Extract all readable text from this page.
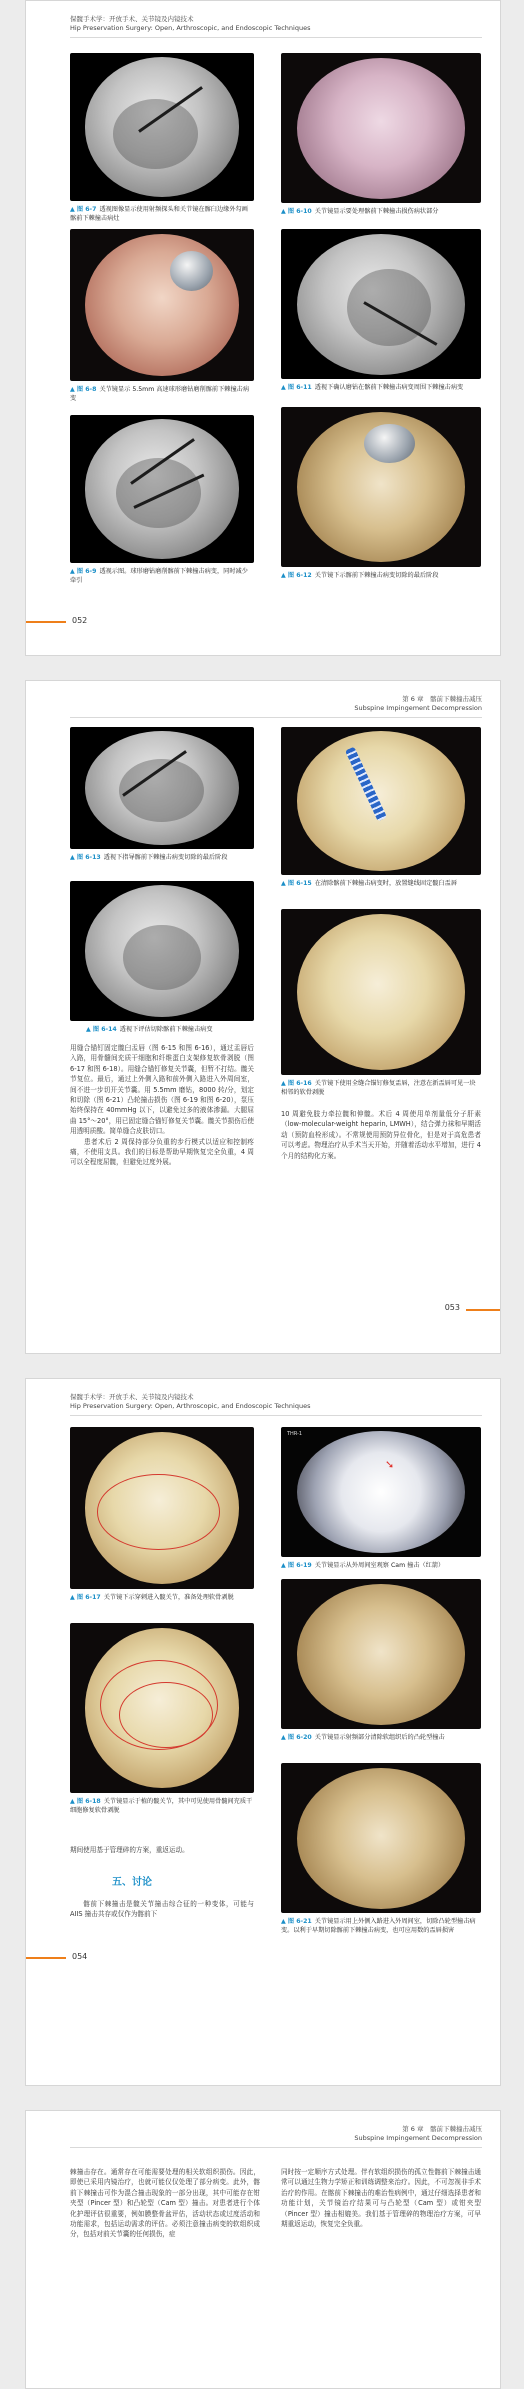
保髋手术学：开放手术、关节镜及内镜技术
Hip Preservation Surgery: Open, Arthroscopic, and Endoscopic Techniques
▲ 图 6-7 透视图像显示使用射频探头和关节镜在髂臼边缘外勾画髂前下棘撞击病灶
▲ 图 6-10 关节镜显示要处理髂前下棘撞击损伤病状部分
▲ 图 6-8 关节镜显示 5.5mm 高速球形磨钻磨削髂前下棘撞击病变
▲ 图 6-11 透视下确认磨钻在髂前下棘撞击病变周围下棘撞击病变
▲ 图 6-9 透视示图。球形磨钻磨削髂前下棘撞击病变，同时减少牵引
▲ 图 6-12 关节镜下示髂前下棘撞击病变切除的最后阶段
052
第 6 章　髂前下棘撞击减压
Subspine Impingement Decompression
▲ 图 6-13 透视下指导髂前下棘撞击病变切除的最后阶段
▲ 图 6-14 透视下评估切除髂前下棘撞击病变
▲ 图 6-15 在清除髂前下棘撞击病变时，放置缝线固定髋臼盂唇
▲ 图 6-16 关节镜下使用全缝合锚钉修复盂唇，注意在新盂唇可见一块相邻的软骨剥脱
用缝合锚钉固定髋臼盂唇（图 6-15 和图 6-16），通过盂唇后入路，用骨髓间充质干细胞和纤维蛋白支架修复软骨剥脱（图 6-17 和图 6-18）。用缝合锚钉修复关节囊，但暂不打结。髋关节复位。最后，通过上外侧入路和前外侧入路进入外周间室，间不进一步切开关节囊。用 5.5mm 磨钻，8000 转/分，划定和切除（图 6-21）凸轮撞击损伤（图 6-19 和图 6-20），泵压始终保持在 40mmHg 以下，以避免过多的液体渗漏。大腿屈曲 15°～20°，用已固定缝合锚钉修复关节囊。髋关节损伤后使用透明质酸。简单缝合皮肤切口。
　　患者术后 2 周保持部分负重的步行模式以适应和控制疼痛，不使用支具。我们的目标是帮助早期恢复完全负重，4 周可以全程度屈髋，但避免过度外展。
10 周避免肢力牵拉髋和伸髋。术后 4 周使用单剂量低分子肝素（low-molecular-weight heparin, LMWH），结合弹力袜和早期活动（预防血栓形成）。不常规使用预防异位骨化，但是对于高危患者可以考虑。物理治疗从手术当天开始，并随着活动水平增加，进行 4 个月的结构化方案。
053
保髋手术学：开放手术、关节镜及内镜技术
Hip Preservation Surgery: Open, Arthroscopic, and Endoscopic Techniques
▲ 图 6-17 关节镜下示穿刺进入髋关节，准备处理软骨剥脱
▲ 图 6-18 关节镜显示于植的髋关节，其中可见使用骨髓间充质干细胞修复软骨剥脱
THR-1
➘
▲ 图 6-19 关节镜显示从外周间室观察 Cam 撞击（红箭）
▲ 图 6-20 关节镜显示射频部分清除软组织后的凸轮型撞击
▲ 图 6-21 关节镜显示用上外侧入路进入外周间室，切除凸轮型撞击病变。以利于早期切除髂前下棘撞击病变，也可应用数的盂唇损害
期间使用基于管理碎的方案，重返运动。
五、讨论
髂前下棘撞击是髋关节撞击综合征的一种变体，可能与 AIIS 撞击共存或仅作为髂前下
054
第 6 章　髂前下棘撞击减压
Subspine Impingement Decompression
棘撞击存在。通常存在可能需要处理的相关软组织损伤。因此，即使已采用内镜治疗，也就可能仅仅处理了部分病变。此外，髂前下棘撞击可作为混合撞击现象的一部分出现，其中可能存在钳夹型（Pincer 型）和凸轮型（Cam 型）撞击。对患者进行个体化护理评估很重要，例如膜整骨盆评估，活动状态或过度活动和功能需求，包括运动需求的评估。必须注意撞击病变的软组织成分，包括对前关节囊的任何损伤，症
同时按一定顺序方式处理。伴有软组织损伤的孤立性髂前下棘撞击通常可以通过生物力学矫正和训练调整来治疗。因此，不可忽视非手术治疗的作用。在髂前下棘撞击的难治性病例中，通过仔细选择患者和功能计划，关节镜治疗结果可与凸轮型（Cam 型）或钳夹型（Pincer 型）撞击相媲美。我们基于管理碎的物理治疗方案，可早期重返运动，恢复完全负重。
